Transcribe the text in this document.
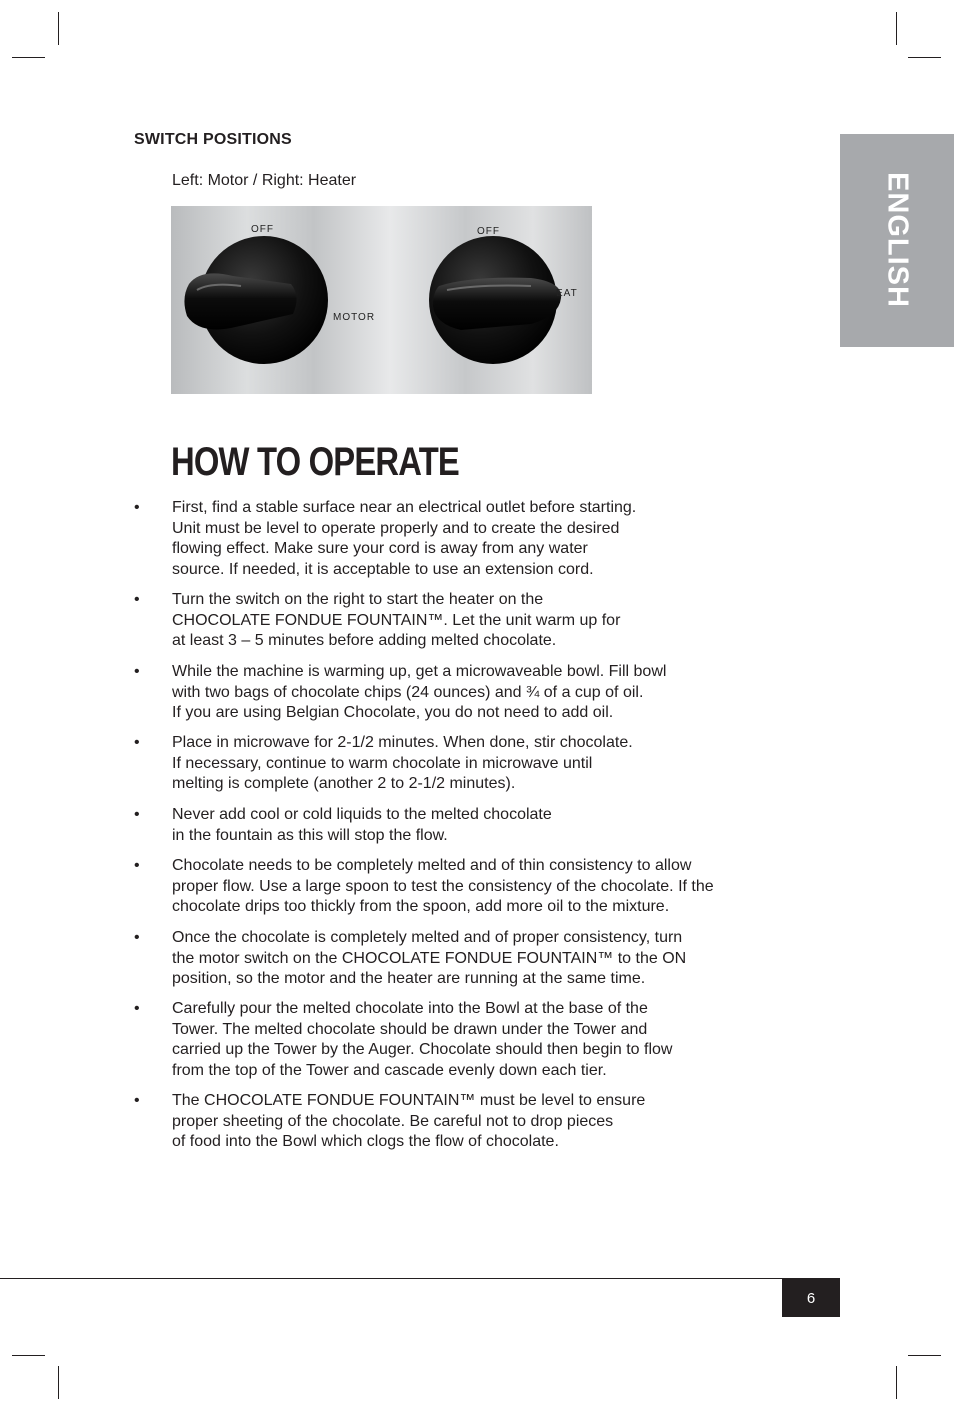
ENGLISH
SWITCH POSITIONS
Left: Motor / Right: Heater
OFF	OFF
MOTOR
EAT
HOW TO OPERATE
• First, find a stable surface near an electrical outlet before starting.
Unit must be level to operate properly and to create the desired
flowing effect. Make sure your cord is away from any water
source. If needed, it is acceptable to use an extension cord.
• Turn the switch on the right to start the heater on the
CHOCOLATE FONDUE FOUNTAIN™. Let the unit warm up for
at least 3 – 5 minutes before adding melted chocolate.
• While the machine is warming up, get a microwaveable bowl. Fill bowl
with two bags of chocolate chips (24 ounces) and ¾ of a cup of oil.
If you are using Belgian Chocolate, you do not need to add oil.
• Place in microwave for 2-1/2 minutes. When done, stir chocolate.
If necessary, continue to warm chocolate in microwave until
melting is complete (another 2 to 2-1/2 minutes).
• Never add cool or cold liquids to the melted chocolate
in the fountain as this will stop the flow.
• Chocolate needs to be completely melted and of thin consistency to allow
proper flow. Use a large spoon to test the consistency of the chocolate. If the
chocolate drips too thickly from the spoon, add more oil to the mixture.
• Once the chocolate is completely melted and of proper consistency, turn
the motor switch on the CHOCOLATE FONDUE FOUNTAIN™ to the ON
position, so the motor and the heater are running at the same time.
• Carefully pour the melted chocolate into the Bowl at the base of the
Tower. The melted chocolate should be drawn under the Tower and
carried up the Tower by the Auger. Chocolate should then begin to flow
from the top of the Tower and cascade evenly down each tier.
• The CHOCOLATE FONDUE FOUNTAIN™ must be level to ensure
proper sheeting of the chocolate. Be careful not to drop pieces
of food into the Bowl which clogs the flow of chocolate.
6
